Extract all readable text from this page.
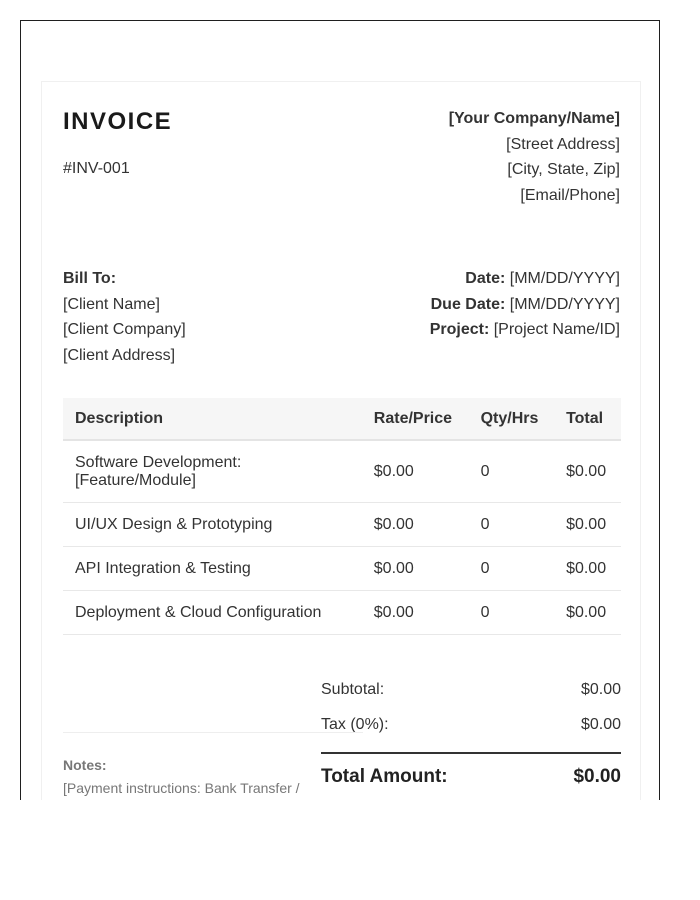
INVOICE
#INV-001
[Your Company/Name]
[Street Address]
[City, State, Zip]
[Email/Phone]
Bill To:
[Client Name]
[Client Company]
[Client Address]
Date: [MM/DD/YYYY]
Due Date: [MM/DD/YYYY]
Project: [Project Name/ID]
Description	Rate/Price	Qty/Hrs	Total

Software Development:
[Feature/Module]	$0.00	0	$0.00
UI/UX Design & Prototyping	$0.00	0	$0.00
API Integration & Testing	$0.00	0	$0.00
Deployment & Cloud Configuration	$0.00	0	$0.00
Subtotal:	$0.00
Tax (0%):	$0.00
Total Amount:	$0.00
Notes:
[Payment instructions: Bank Transfer /
